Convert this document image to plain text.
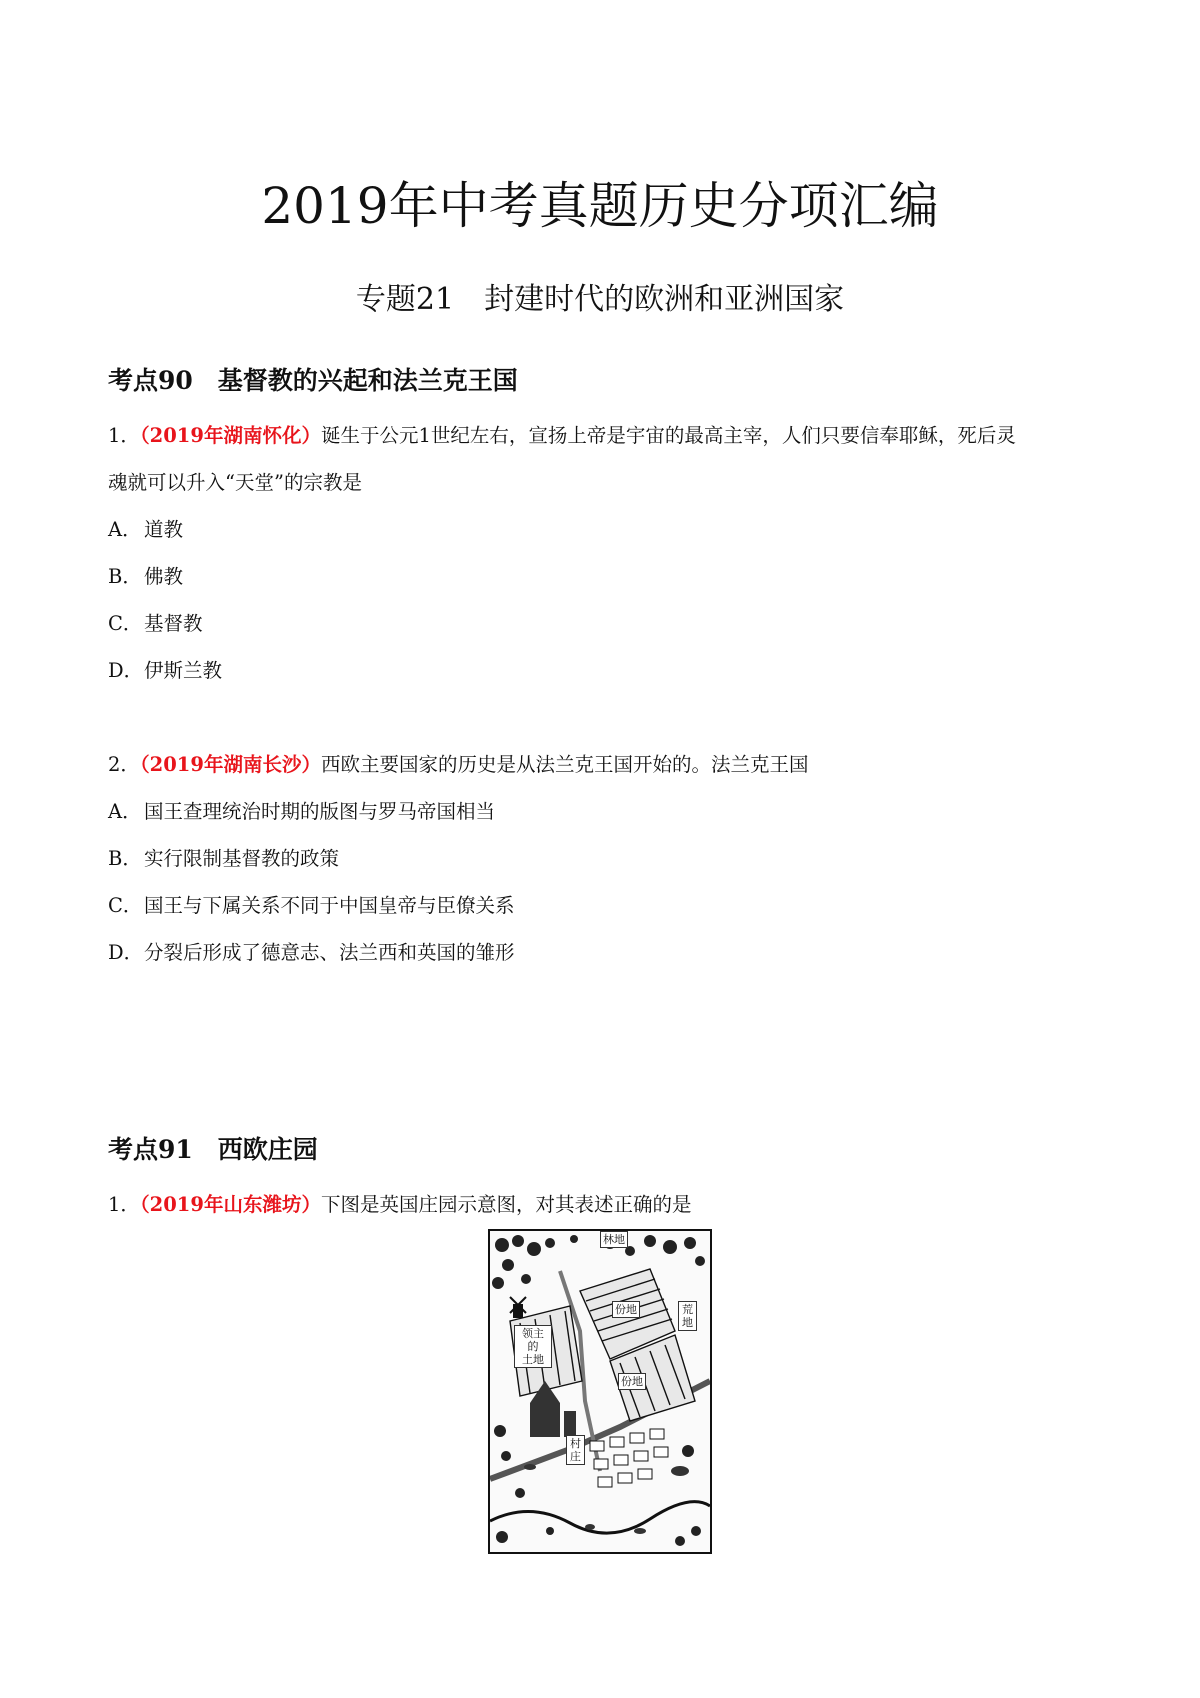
2019年中考真题历史分项汇编
专题21　封建时代的欧洲和亚洲国家
考点90　基督教的兴起和法兰克王国
1．（2019年湖南怀化）诞生于公元1世纪左右，宣扬上帝是宇宙的最高主宰，人们只要信奉耶稣，死后灵
魂就可以升入“天堂”的宗教是
A． 道教
B． 佛教
C．基督教
D．伊斯兰教
2．（2019年湖南长沙）西欧主要国家的历史是从法兰克王国开始的。法兰克王国
A． 国王查理统治时期的版图与罗马帝国相当
B． 实行限制基督教的政策
C．国王与下属关系不同于中国皇帝与臣僚关系
D．分裂后形成了德意志、法兰西和英国的雏形
考点91　西欧庄园
1．（2019年山东潍坊）下图是英国庄园示意图，对其表述正确的是
林地
荒地
领主的
土地
份地
份地
村
庄
